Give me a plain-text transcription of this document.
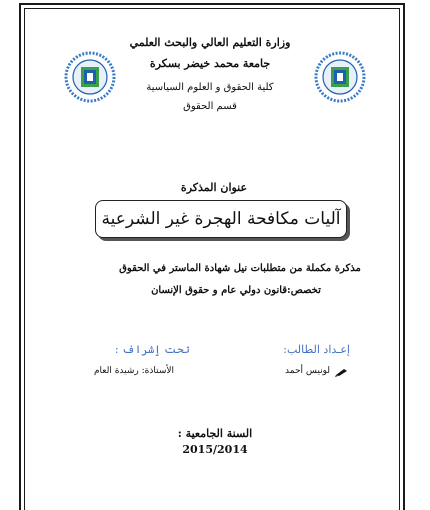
وزارة التعليم العالي والبحث العلمي
جامعة محمد خيضر بسكرة
كلية الحقوق و العلوم السياسية
قسم الحقوق
عنوان المذكرة
آليات مكافحة الهجرة غير الشرعية
مذكرة مكملة من متطلبات نيل شهادة الماستر في الحقوق
تخصص:قانون دولي عام و حقوق الإنسان
إعـداد الطالب:
تحت ٳشراف :
لونيس أحمد
الأستاذة: رشيدة العام
السنة الجامعية :
2015/2014
